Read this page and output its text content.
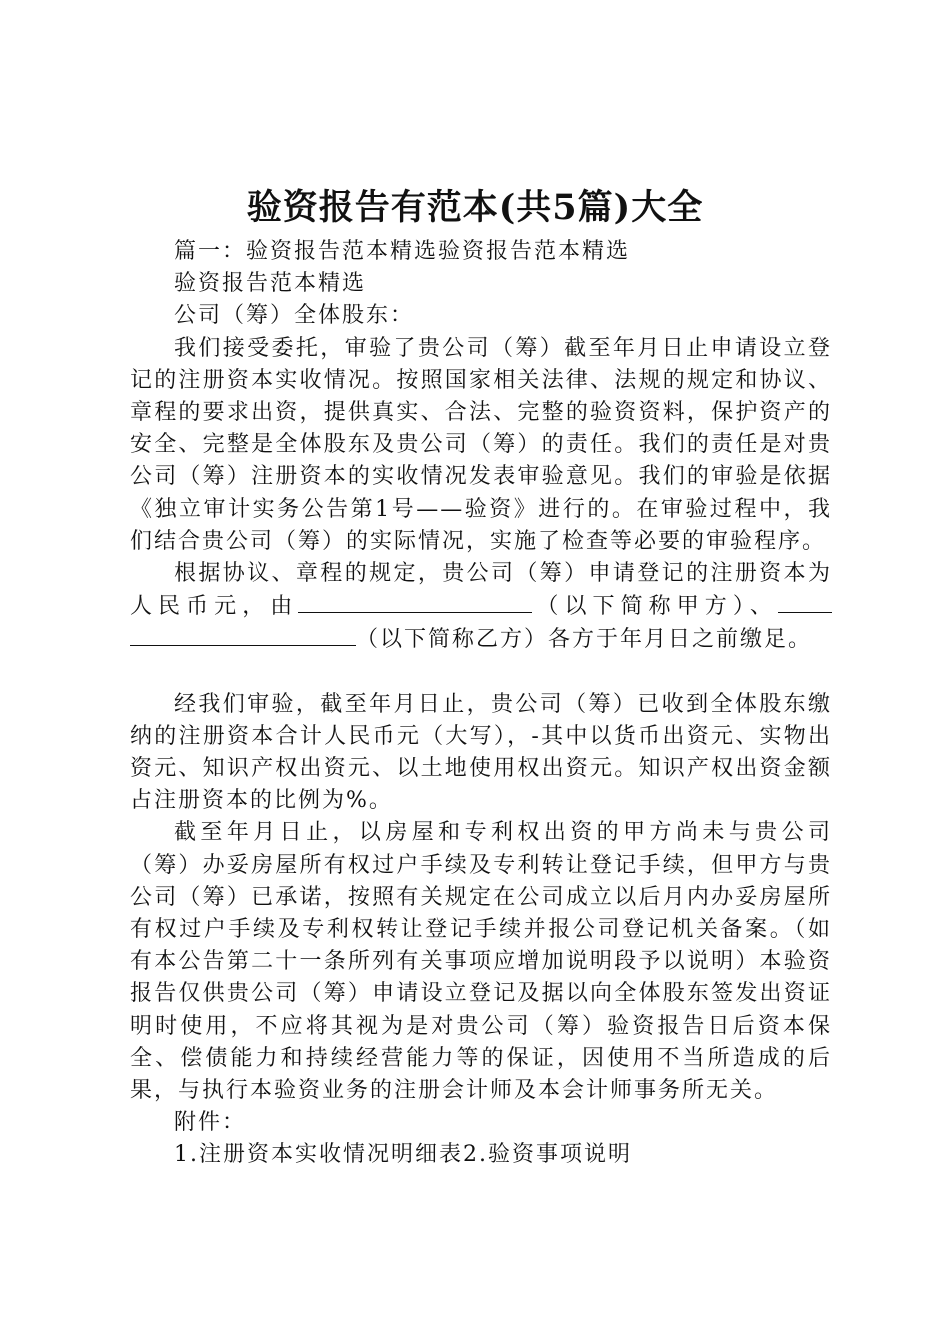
验资报告有范本(共5篇)大全

篇一：验资报告范本精选验资报告范本精选

验资报告范本精选

公司（筹）全体股东：

我们接受委托，审验了贵公司（筹）截至年月日止申请设立登记的注册资本实收情况。按照国家相关法律、法规的规定和协议、章程的要求出资，提供真实、合法、完整的验资资料，保护资产的安全、完整是全体股东及贵公司（筹）的责任。我们的责任是对贵公司（筹）注册资本的实收情况发表审验意见。我们的审验是依据《独立审计实务公告第1号——验资》进行的。在审验过程中，我们结合贵公司（筹）的实际情况，实施了检查等必要的审验程序。

根据协议、章程的规定，贵公司（筹）申请登记的注册资本为人民币元，由	（以下简称甲方）、（以下简称乙方）各方于年月日之前缴足。

经我们审验，截至年月日止，贵公司（筹）已收到全体股东缴纳的注册资本合计人民币元（大写），-其中以货币出资元、实物出资元、知识产权出资元、以土地使用权出资元。知识产权出资金额占注册资本的比例为%。

截至年月日止，以房屋和专利权出资的甲方尚未与贵公司（筹）办妥房屋所有权过户手续及专利转让登记手续，但甲方与贵公司（筹）已承诺，按照有关规定在公司成立以后月内办妥房屋所有权过户手续及专利权转让登记手续并报公司登记机关备案。（如有本公告第二十一条所列有关事项应增加说明段予以说明）本验资报告仅供贵公司（筹）申请设立登记及据以向全体股东签发出资证明时使用，不应将其视为是对贵公司（筹）验资报告日后资本保全、偿债能力和持续经营能力等的保证，因使用不当所造成的后果，与执行本验资业务的注册会计师及本会计师事务所无关。

附件：

1.注册资本实收情况明细表2.验资事项说明
